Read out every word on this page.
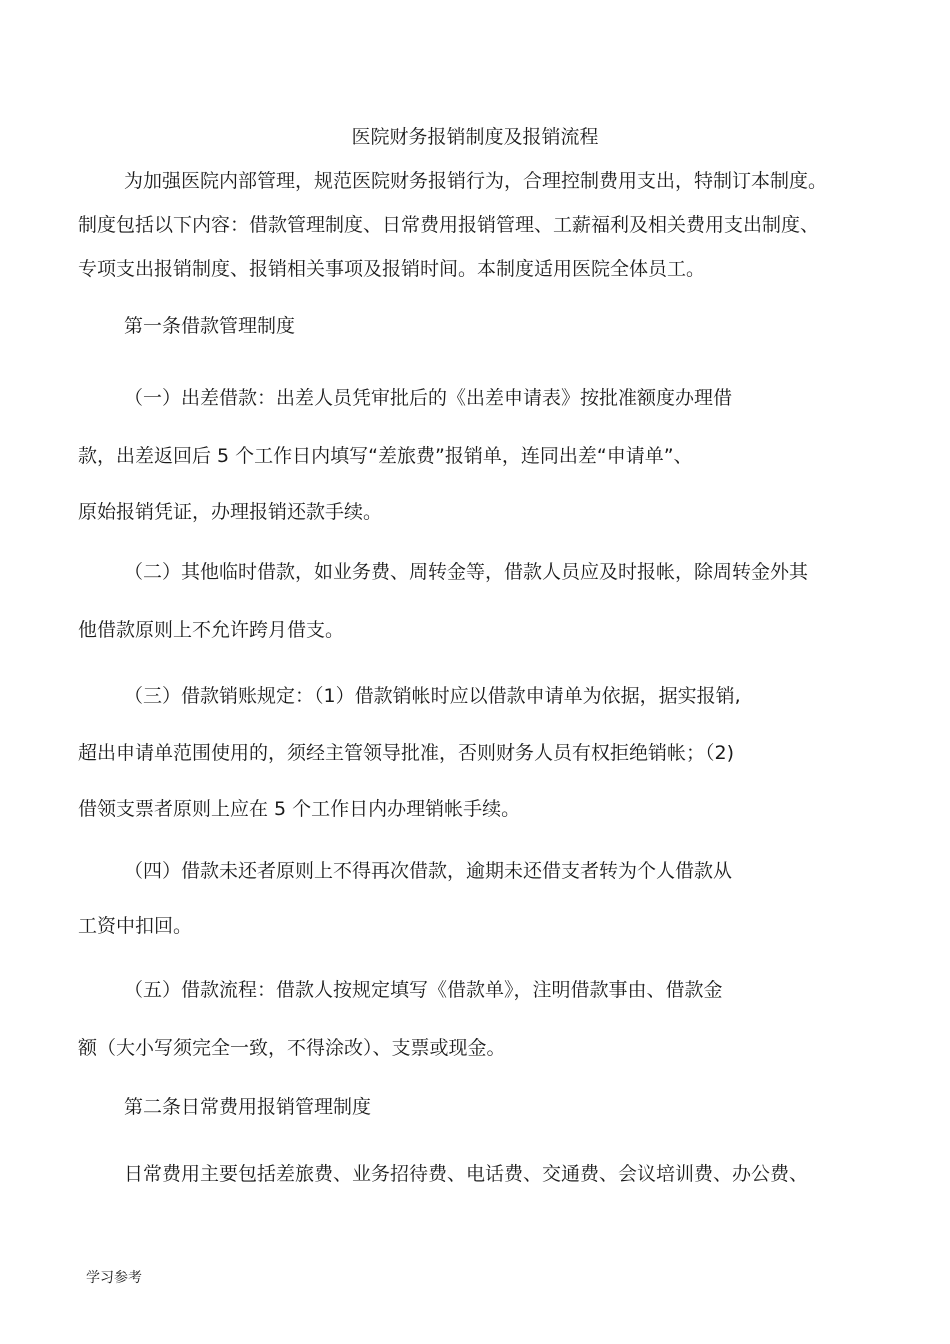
医院财务报销制度及报销流程
为加强医院内部管理，规范医院财务报销行为，合理控制费用支出，特制订本制度。
制度包括以下内容：借款管理制度、日常费用报销管理、工薪福利及相关费用支出制度、
专项支出报销制度、报销相关事项及报销时间。本制度适用医院全体员工。
第一条借款管理制度
（一）出差借款：出差人员凭审批后的《出差申请表》按批准额度办理借
款，出差返回后 5 个工作日内填写“差旅费”报销单，连同出差“申请单”、
原始报销凭证，办理报销还款手续。
（二）其他临时借款，如业务费、周转金等，借款人员应及时报帐，除周转金外其
他借款原则上不允许跨月借支。
（三）借款销账规定：（1）借款销帐时应以借款申请单为依据，据实报销,
超出申请单范围使用的，须经主管领导批准，否则财务人员有权拒绝销帐；（2)
借领支票者原则上应在 5 个工作日内办理销帐手续。
（四）借款未还者原则上不得再次借款，逾期未还借支者转为个人借款从
工资中扣回。
（五）借款流程：借款人按规定填写《借款单》，注明借款事由、借款金
额（大小写须完全一致，不得涂改）、支票或现金。
第二条日常费用报销管理制度
日常费用主要包括差旅费、业务招待费、电话费、交通费、会议培训费、办公费、
学习参考
